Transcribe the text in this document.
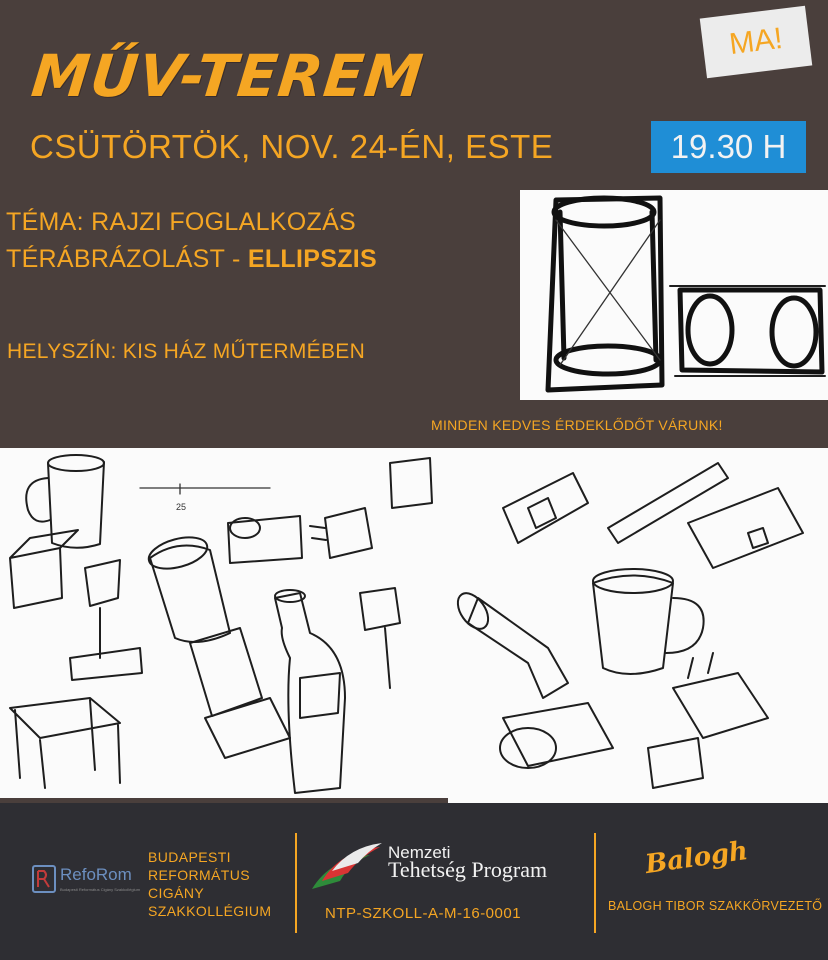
25
MŰV-TEREM
MA!
CSÜTÖRTÖK, NOV. 24-ÉN, ESTE	19.30 H
TÉMA: RAJZI FOGLALKOZÁS
TÉRÁBRÁZOLÁST - ELLIPSZIS
HELYSZÍN: KIS HÁZ MŰTERMÉBEN
MINDEN KEDVES ÉRDEKLŐDŐT VÁRUNK!
RefoRom
Budapesti Református Cigány Szakkollégium
BUDAPESTI
REFORMÁTUS
CIGÁNY
SZAKKOLLÉGIUM
Nemzeti
Tehetség Program
NTP-SZKOLL-A-M-16-0001
Balogh
BALOGH TIBOR SZAKKÖRVEZETŐ
